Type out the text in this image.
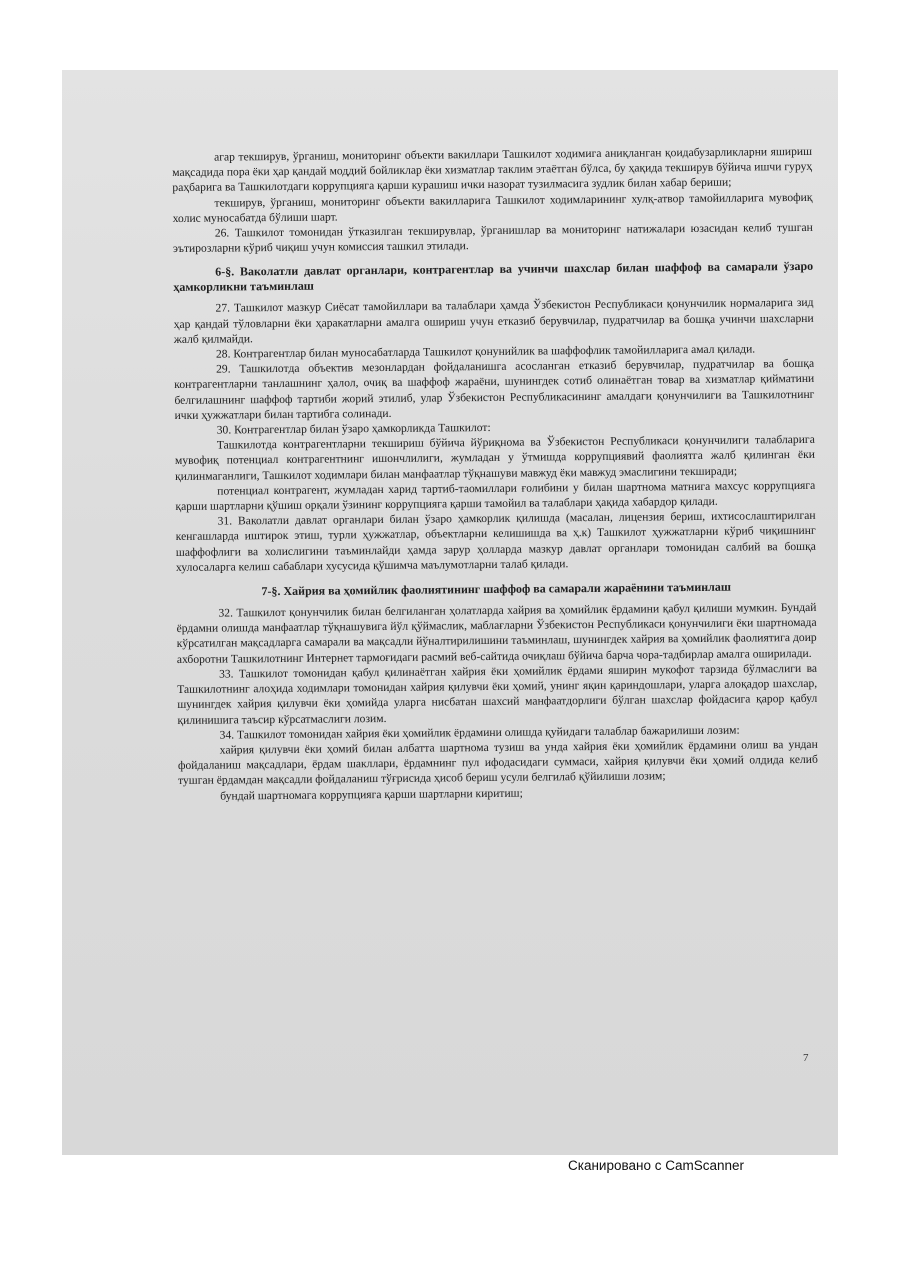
агар текширув, ўрганиш, мониторинг объекти вакиллари Ташкилот ходимига аниқланган қоидабузарликларни яшириш мақсадида пора ёки ҳар қандай моддий бойликлар ёки хизматлар таклим этаётган бўлса, бу ҳақида текширув бўйича ишчи гуруҳ раҳбарига ва Ташкилотдаги коррупцияга қарши курашиш ички назорат тузилмасига зудлик билан хабар бериши;

текширув, ўрганиш, мониторинг объекти вакилларига Ташкилот ходимларининг хулқ-атвор тамойилларига мувофиқ холис муносабатда бўлиши шарт.

26. Ташкилот томонидан ўтказилган текширувлар, ўрганишлар ва мониторинг натижалари юзасидан келиб тушган эътирозларни кўриб чиқиш учун комиссия ташкил этилади.

6-§. Ваколатли давлат органлари, контрагентлар ва учинчи шахслар билан шаффоф ва самарали ўзаро ҳамкорликни таъминлаш

27. Ташкилот мазкур Сиёсат тамойиллари ва талаблари ҳамда Ўзбекистон Республикаси қонунчилик нормаларига зид ҳар қандай тўловларни ёки ҳаракатларни амалга ошириш учун етказиб берувчилар, пудратчилар ва бошқа учинчи шахсларни жалб қилмайди.

28. Контрагентлар билан муносабатларда Ташкилот қонунийлик ва шаффофлик тамойилларига амал қилади.

29. Ташкилотда объектив мезонлардан фойдаланишга асосланган етказиб берувчилар, пудратчилар ва бошқа контрагентларни танлашнинг ҳалол, очиқ ва шаффоф жараёни, шунингдек сотиб олинаётган товар ва хизматлар қийматини белгилашнинг шаффоф тартиби жорий этилиб, улар Ўзбекистон Республикасининг амалдаги қонунчилиги ва Ташкилотнинг ички ҳужжатлари билан тартибга солинади.

30. Контрагентлар билан ўзаро ҳамкорликда Ташкилот:

Ташкилотда контрагентларни текшириш бўйича йўриқнома ва Ўзбекистон Республикаси қонунчилиги талабларига мувофиқ потенциал контрагентнинг ишончлилиги, жумладан у ўтмишда коррупциявий фаолиятга жалб қилинган ёки қилинмаганлиги, Ташкилот ходимлари билан манфаатлар тўқнашуви мавжуд ёки мавжуд эмаслигини текширади;

потенциал контрагент, жумладан харид тартиб-таомиллари ғолибини у билан шартнома матнига махсус коррупцияга қарши шартларни қўшиш орқали ўзининг коррупцияга қарши тамойил ва талаблари ҳақида хабардор қилади.

31. Ваколатли давлат органлари билан ўзаро ҳамкорлик қилишда (масалан, лицензия бериш, ихтисослаштирилган кенгашларда иштирок этиш, турли ҳужжатлар, объектларни келишишда ва ҳ.к) Ташкилот ҳужжатларни кўриб чиқишнинг шаффофлиги ва холислигини таъминлайди ҳамда зарур ҳолларда мазкур давлат органлари томонидан салбий ва бошқа хулосаларга келиш сабаблари хусусида қўшимча маълумотларни талаб қилади.

7-§. Хайрия ва ҳомийлик фаолиятининг шаффоф ва самарали жараёнини таъминлаш

32. Ташкилот қонунчилик билан белгиланган ҳолатларда хайрия ва ҳомийлик ёрдамини қабул қилиши мумкин. Бундай ёрдамни олишда манфаатлар тўқнашувига йўл қўймаслик, маблағларни Ўзбекистон Республикаси қонунчилиги ёки шартномада кўрсатилган мақсадларга самарали ва мақсадли йўналтирилишини таъминлаш, шунингдек хайрия ва ҳомийлик фаолиятига доир ахборотни Ташкилотнинг Интернет тармоғидаги расмий веб-сайтида очиқлаш бўйича барча чора-тадбирлар амалга оширилади.

33. Ташкилот томонидан қабул қилинаётган хайрия ёки ҳомийлик ёрдами яширин мукофот тарзида бўлмаслиги ва Ташкилотнинг алоҳида ходимлари томонидан хайрия қилувчи ёки ҳомий, унинг яқин қариндошлари, уларга алоқадор шахслар, шунингдек хайрия қилувчи ёки ҳомийда уларга нисбатан шахсий манфаатдорлиги бўлган шахслар фойдасига қарор қабул қилинишига таъсир кўрсатмаслиги лозим.

34. Ташкилот томонидан хайрия ёки ҳомийлик ёрдамини олишда қуйидаги талаблар бажарилиши лозим:

хайрия қилувчи ёки ҳомий билан албатта шартнома тузиш ва унда хайрия ёки ҳомийлик ёрдамини олиш ва ундан фойдаланиш мақсадлари, ёрдам шакллари, ёрдамнинг пул ифодасидаги суммаси, хайрия қилувчи ёки ҳомий олдида келиб тушган ёрдамдан мақсадли фойдаланиш тўғрисида ҳисоб бериш усули белгилаб қўйилиши лозим;

бундай шартномага коррупцияга қарши шартларни киритиш;

7
Сканировано с CamScanner
